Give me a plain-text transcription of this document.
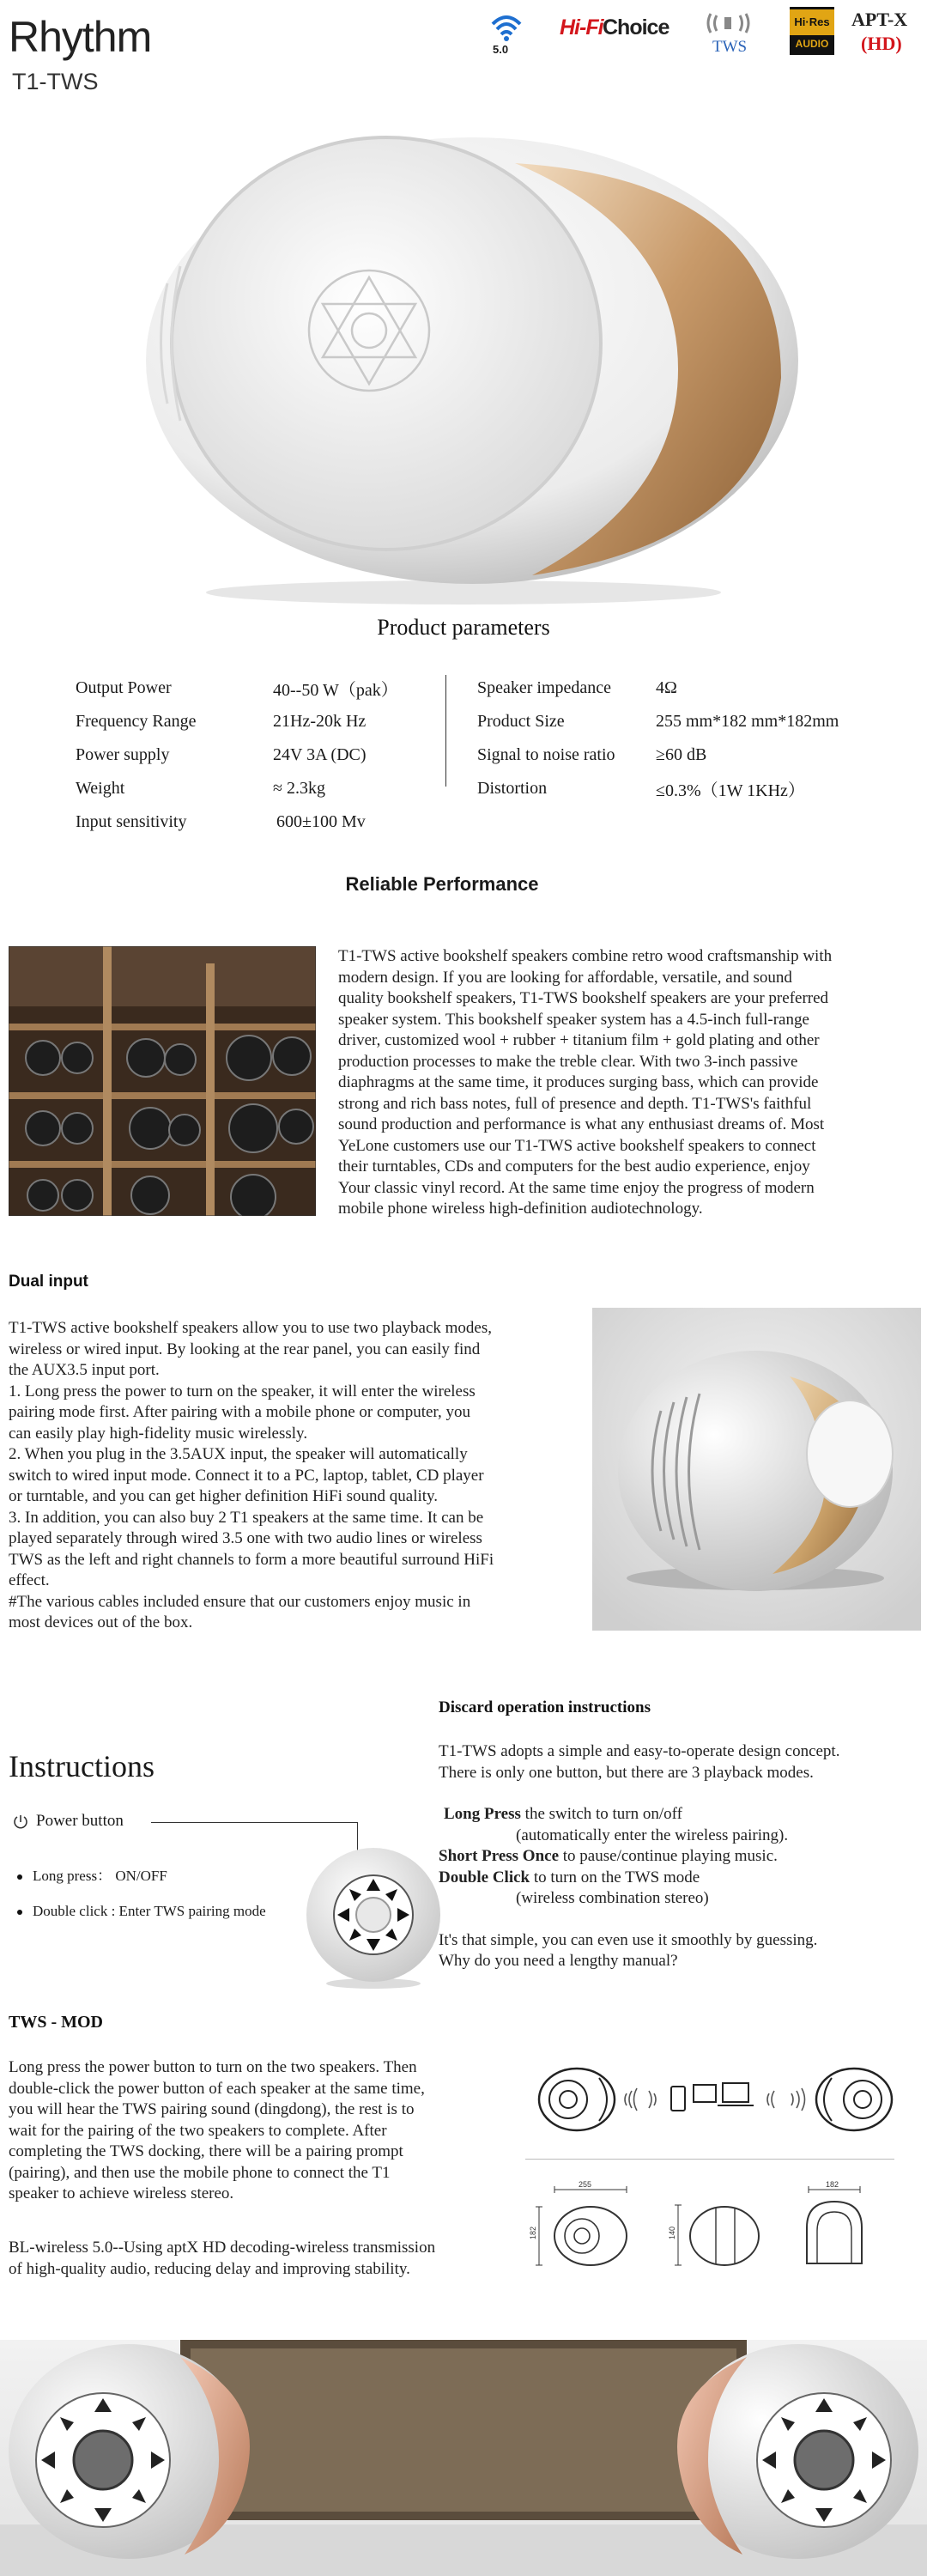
Rhythm
T1-TWS
5.0
Hi-Fi Choice
TWS
Hi·Res
AUDIO
APT-X
(HD)
Product parameters
Output Power	40--50 W（pak）
Frequency Range	21Hz-20k Hz
Power supply	24V 3A (DC)
Weight	≈ 2.3kg
Input sensitivity	600±100 Mv
Speaker impedance	4Ω
Product Size	255 mm*182 mm*182mm
Signal to noise ratio	≥60 dB
Distortion	≤0.3%（1W 1KHz）
Reliable Performance
T1-TWS active bookshelf speakers combine retro wood craftsmanship with
modern design. If you are looking for affordable, versatile, and sound
quality bookshelf speakers, T1-TWS bookshelf speakers are your preferred
speaker system. This bookshelf speaker system has a 4.5-inch full-range
driver, customized wool + rubber + titanium film + gold plating and other
production processes to make the treble clear. With two 3-inch passive
diaphragms at the same time, it produces surging bass, which can provide
strong and rich bass notes, full of presence and depth. T1-TWS's faithful
sound production and performance is what any enthusiast dreams of. Most
YeLone customers use our T1-TWS active bookshelf speakers to connect
their turntables, CDs and computers for the best audio experience, enjoy
Your classic vinyl record. At the same time enjoy the progress of modern
mobile phone wireless high-definition audiotechnology.
Dual input
T1-TWS active bookshelf speakers allow you to use two playback modes,
wireless or wired input. By looking at the rear panel, you can easily find
the AUX3.5 input port.
1. Long press the power to turn on the speaker, it will enter the wireless
pairing mode first. After pairing with a mobile phone or computer, you
can easily play high-fidelity music wirelessly.
2. When you plug in the 3.5AUX input, the speaker will automatically
switch to wired input mode. Connect it to a PC, laptop, tablet, CD player
or turntable, and you can get higher definition HiFi sound quality.
3. In addition, you can also buy 2 T1 speakers at the same time. It can be
played separately through wired 3.5 one with two audio lines or wireless
TWS as the left and right channels to form a more beautiful surround HiFi
effect.
#The various cables included ensure that our customers enjoy music in
most devices out of the box.
Instructions
Power button
Long press： ON/OFF
Double click : Enter TWS pairing mode
Discard operation instructions
T1-TWS adopts a simple and easy-to-operate design concept.
There is only one button, but there are 3 playback modes.
Long Press the switch to turn on/off
(automatically enter the wireless pairing).
Short Press Once to pause/continue playing music.
Double Click to turn on the TWS mode
(wireless combination stereo)
It's that simple, you can even use it smoothly by guessing.
Why do you need a lengthy manual?
TWS - MOD
Long press the power button to turn on the two speakers. Then
double-click the power button of each speaker at the same time,
you will hear the TWS pairing sound (dingdong), the rest is to
wait for the pairing of the two speakers to complete. After
completing the TWS docking, there will be a pairing prompt
(pairing), and then use the mobile phone to connect the T1
speaker to achieve wireless stereo.
BL-wireless 5.0--Using aptX HD decoding-wireless transmission
of high-quality audio, reducing delay and improving stability.
255
182	140
182
